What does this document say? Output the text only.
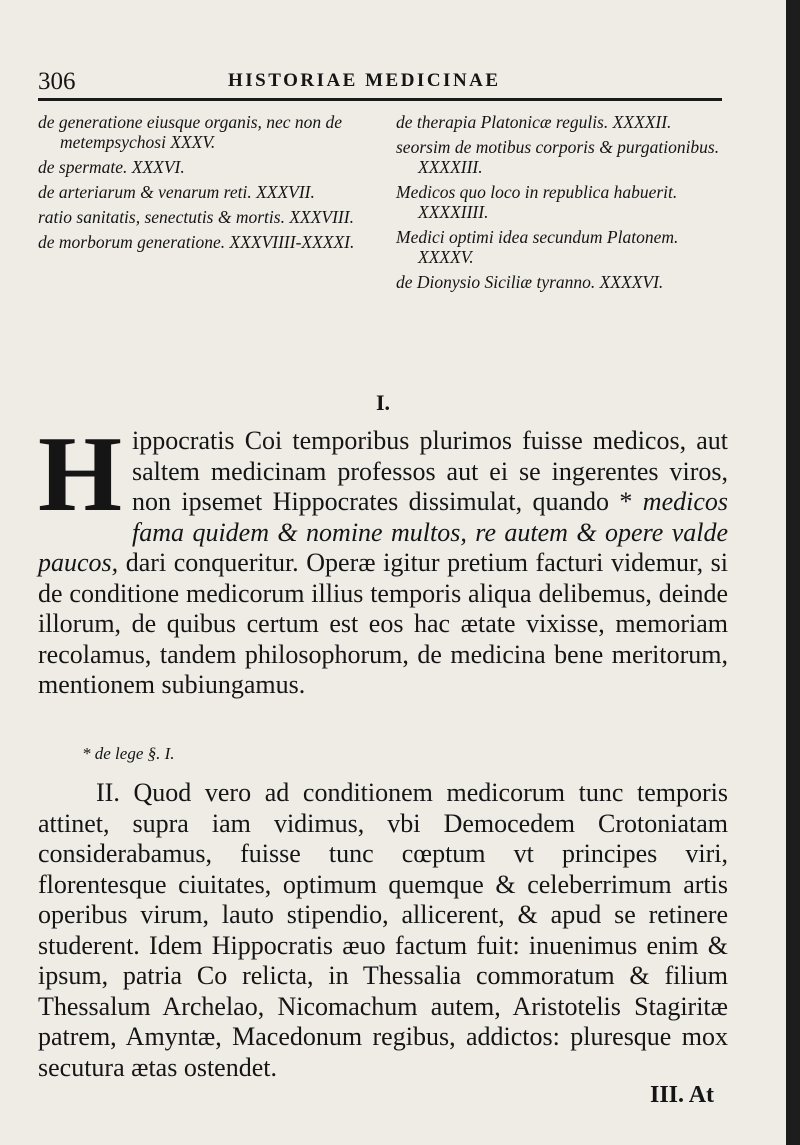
306	HISTORIAE MEDICINAE
de generatione eiusque organis, nec non de metempsychosi XXXV.
de spermate. XXXVI.
de arteriarum & venarum reti. XXXVII.
ratio sanitatis, senectutis & mortis. XXXVIII.
de morborum generatione. XXXVIIII-XXXXI.
de therapia Platonicæ regulis. XXXXII.
seorsim de motibus corporis & purgationibus. XXXXIII.
Medicos quo loco in republica habuerit. XXXXIIII.
Medici optimi idea secundum Platonem. XXXXV.
de Dionysio Siciliæ tyranno. XXXXVI.
I.
Hippocratis Coi temporibus plurimos fuisse medicos, aut saltem medicinam professos aut ei se ingerentes viros, non ipsemet Hippocrates dissimulat, quando * medicos fama quidem & nomine multos, re autem & opere valde paucos, dari conqueritur. Operæ igitur pretium facturi videmur, si de conditione medicorum illius temporis aliqua delibemus, deinde illorum, de quibus certum est eos hac ætate vixisse, memoriam recolamus, tandem philosophorum, de medicina bene meritorum, mentionem subiungamus.
* de lege §. I.
II. Quod vero ad conditionem medicorum tunc temporis attinet, supra iam vidimus, vbi Democedem Crotoniatam considerabamus, fuisse tunc cœptum vt principes viri, florentesque ciuitates, optimum quemque & celeberrimum artis operibus virum, lauto stipendio, allicerent, & apud se retinere studerent. Idem Hippocratis æuo factum fuit: inuenimus enim & ipsum, patria Co relicta, in Thessalia commoratum & filium Thessalum Archelao, Nicomachum autem, Aristotelis Stagiritæ patrem, Amyntæ, Macedonum regibus, addictos: pluresque mox secutura ætas ostendet.
III. At
